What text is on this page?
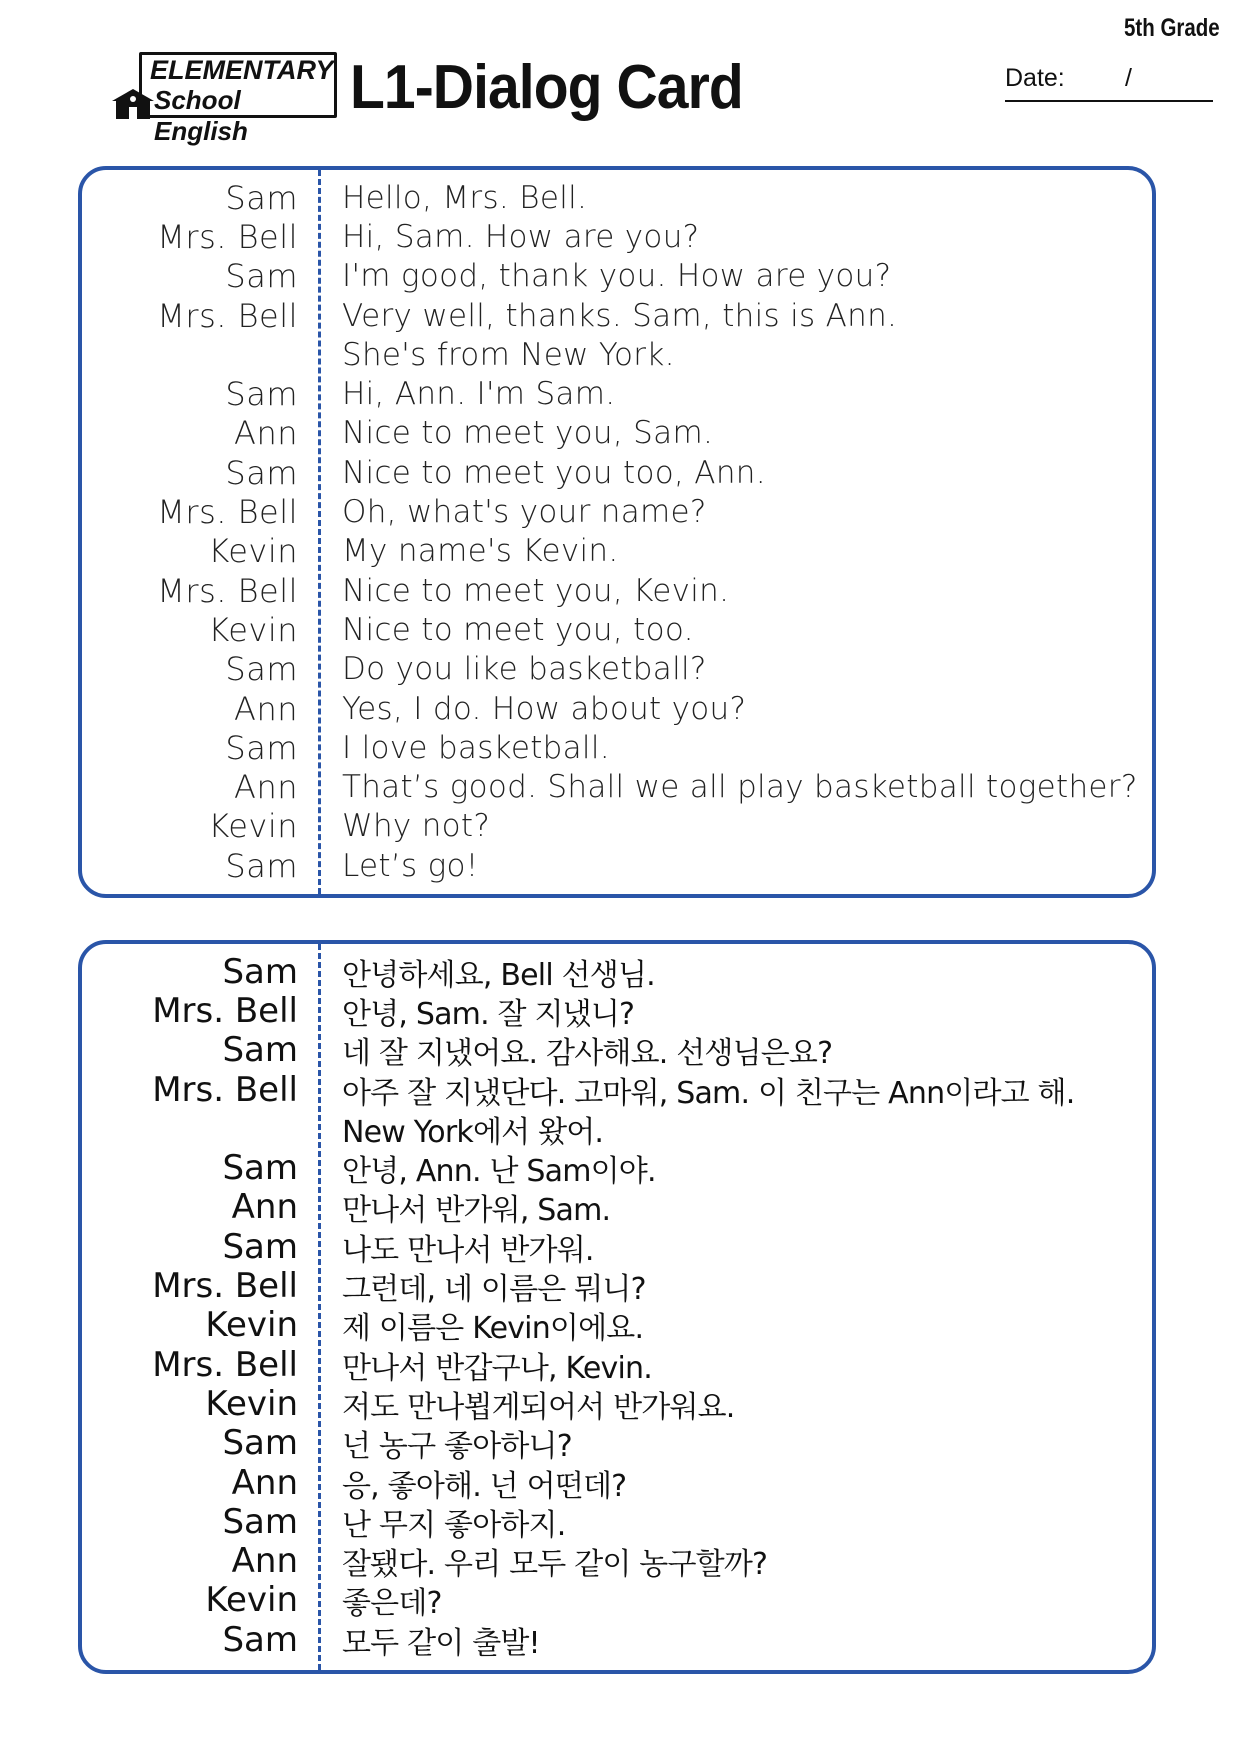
5th Grade
ELEMENTARY
School English
L1-Dialog Card	Date: /
Sam Hello, Mrs. Bell.
Mrs. Bell Hi, Sam. How are you?
Sam I'm good, thank you. How are you?
Mrs. Bell Very well, thanks. Sam, this is Ann.
She's from New York.
Sam Hi, Ann. I'm Sam.
Ann Nice to meet you, Sam.
Sam Nice to meet you too, Ann.
Mrs. Bell Oh, what's your name?
Kevin My name's Kevin.
Mrs. Bell Nice to meet you, Kevin.
Kevin Nice to meet you, too.
Sam Do you like basketball?
Ann Yes, I do. How about you?
Sam I love basketball.
Ann That’s good. Shall we all play basketball together?
Kevin Why not?
Sam Let’s go!
Sam 안녕하세요, Bell 선생님.
Mrs. Bell 안녕, Sam. 잘 지냈니?
Sam 네 잘 지냈어요. 감사해요. 선생님은요?
Mrs. Bell 아주 잘 지냈단다. 고마워, Sam. 이 친구는 Ann이라고 해.
New York에서 왔어.
Sam 안녕, Ann. 난 Sam이야.
Ann 만나서 반가워, Sam.
Sam 나도 만나서 반가워.
Mrs. Bell 그런데, 네 이름은 뭐니?
Kevin 제 이름은 Kevin이에요.
Mrs. Bell 만나서 반갑구나, Kevin.
Kevin 저도 만나뵙게되어서 반가워요.
Sam 넌 농구 좋아하니?
Ann 응, 좋아해. 넌 어떤데?
Sam 난 무지 좋아하지.
Ann 잘됐다. 우리 모두 같이 농구할까?
Kevin 좋은데?
Sam 모두 같이 출발!
